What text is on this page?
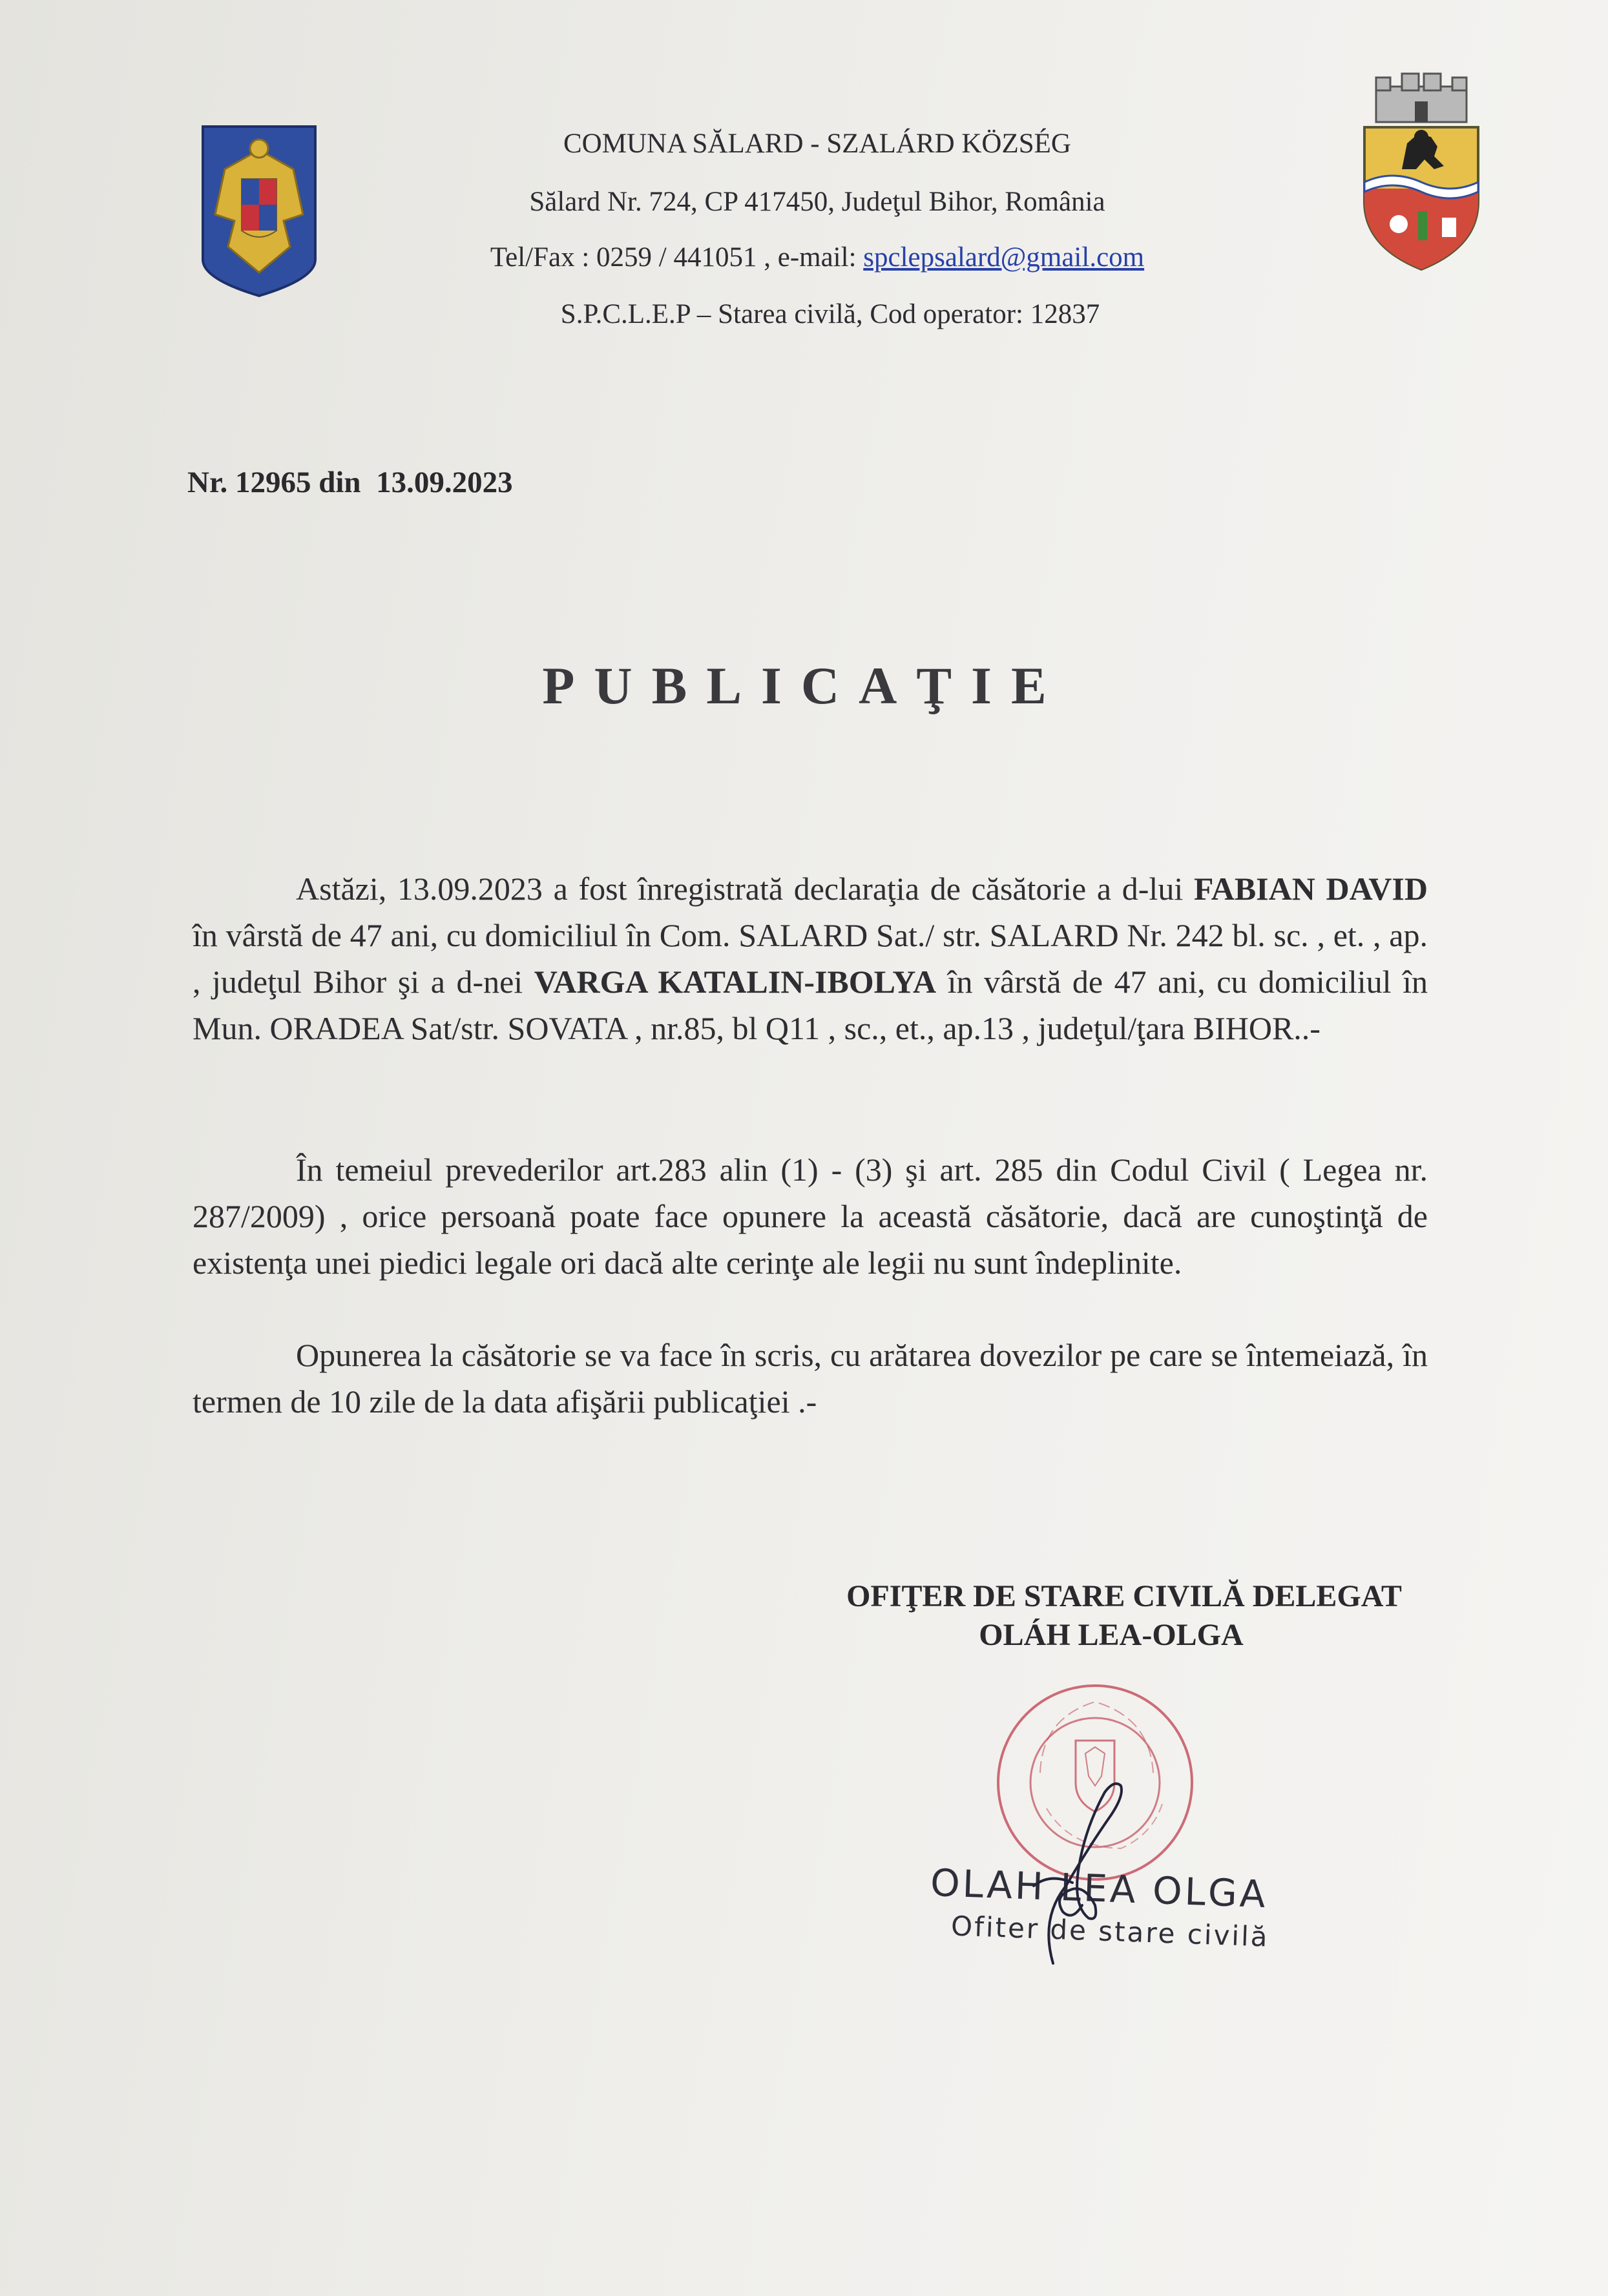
COMUNA SĂLARD - SZALÁRD KÖZSÉG
Sălard Nr. 724, CP 417450, Judeţul Bihor, România
Tel/Fax : 0259 / 441051 , e-mail: spclepsalard@gmail.com
S.P.C.L.E.P – Starea civilă, Cod operator: 12837
Nr. 12965 din  13.09.2023
PUBLICAŢIE

Astăzi, 13.09.2023 a fost înregistrată declaraţia de căsătorie a d-lui FABIAN DAVID în vârstă de 47 ani, cu domiciliul în Com. SALARD Sat./ str. SALARD Nr. 242 bl. sc. , et. , ap. , judeţul Bihor şi a d-nei VARGA KATALIN-IBOLYA în vârstă de 47 ani, cu domiciliul în Mun. ORADEA Sat/str. SOVATA , nr.85, bl Q11 , sc., et., ap.13 , judeţul/ţara BIHOR..-

În temeiul prevederilor art.283 alin (1) - (3) şi art. 285 din Codul Civil ( Legea nr. 287/2009) , orice persoană poate face opunere la această căsătorie, dacă are cunoştinţă de existenţa unei piedici legale ori dacă alte cerinţe ale legii nu sunt îndeplinite.

Opunerea la căsătorie se va face în scris, cu arătarea dovezilor pe care se întemeiază, în termen de 10 zile de la data afişării publicaţiei .-

OFIŢER DE STARE CIVILĂ DELEGAT
OLÁH LEA-OLGA
OLAH LEA OLGA
Ofiter de stare civilă
